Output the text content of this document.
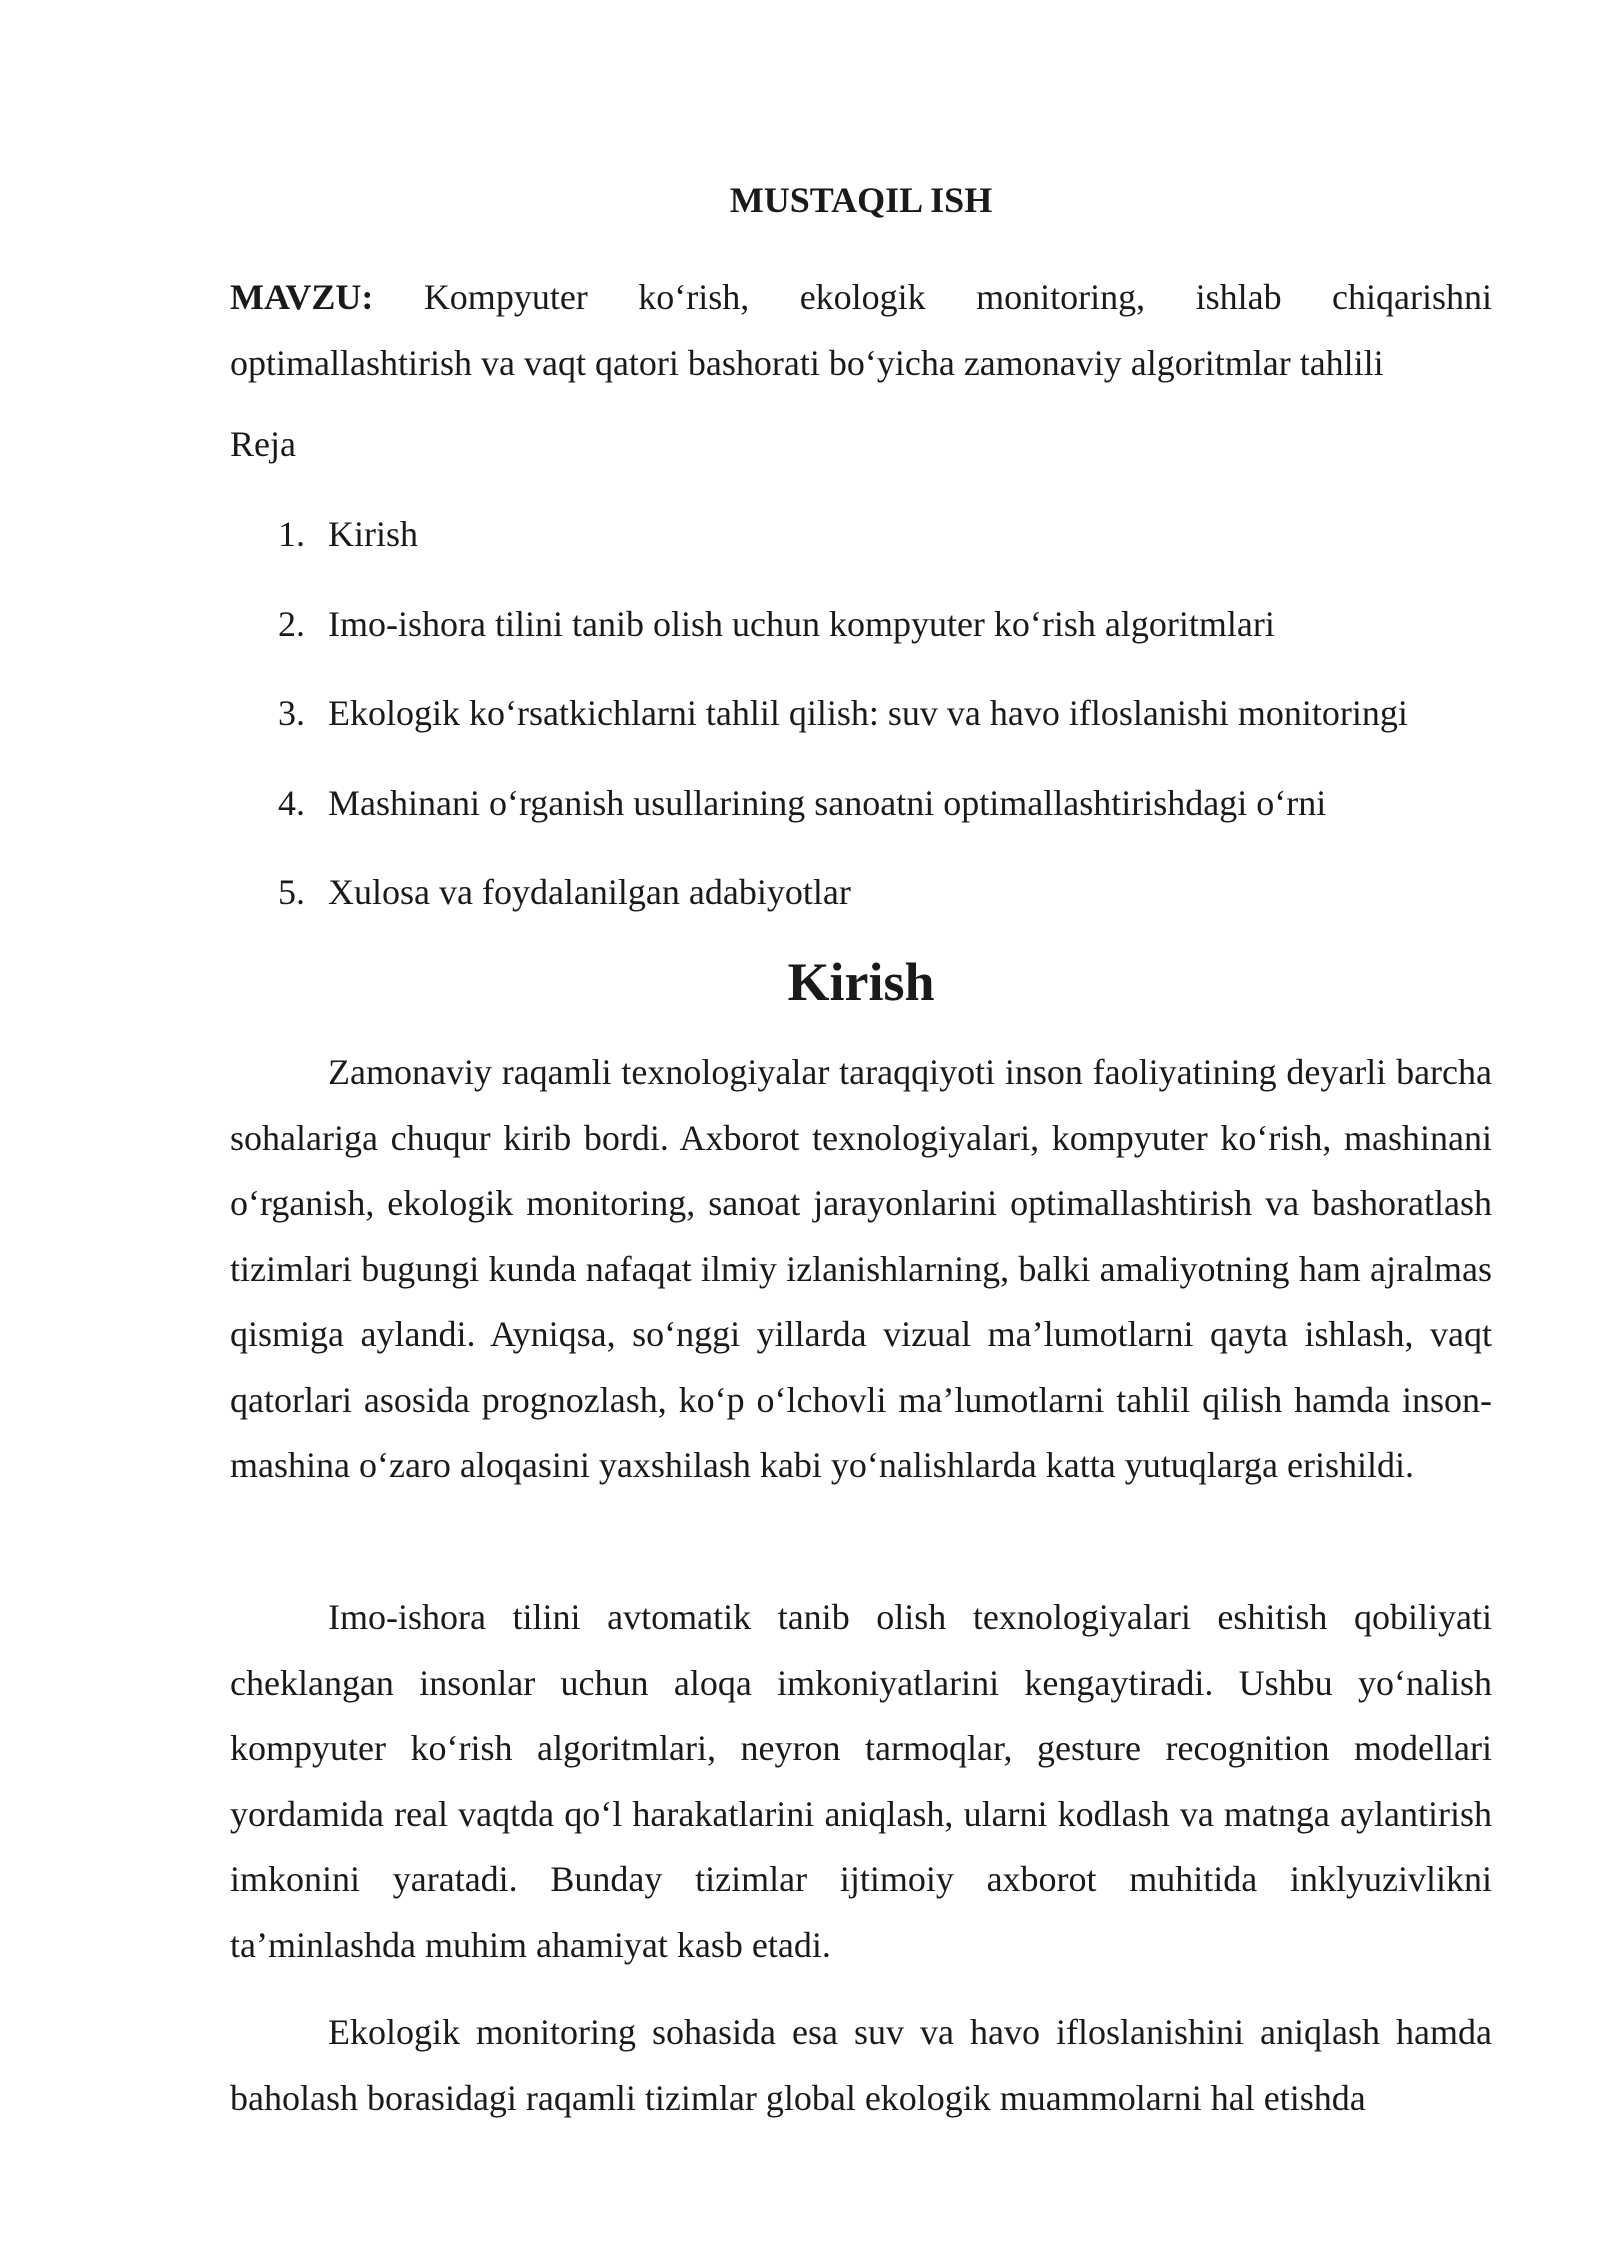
MUSTAQIL ISH

MAVZU: Kompyuter ko‘rish, ekologik monitoring, ishlab chiqarishni optimallashtirish va vaqt qatori bashorati bo‘yicha zamonaviy algoritmlar tahlili

Reja

1. Kirish
2. Imo-ishora tilini tanib olish uchun kompyuter ko‘rish algoritmlari
3. Ekologik ko‘rsatkichlarni tahlil qilish: suv va havo ifloslanishi monitoringi
4. Mashinani o‘rganish usullarining sanoatni optimallashtirishdagi o‘rni
5. Xulosa va foydalanilgan adabiyotlar
Kirish

Zamonaviy raqamli texnologiyalar taraqqiyoti inson faoliyatining deyarli barcha sohalariga chuqur kirib bordi. Axborot texnologiyalari, kompyuter ko‘rish, mashinani o‘rganish, ekologik monitoring, sanoat jarayonlarini optimallashtirish va bashoratlash tizimlari bugungi kunda nafaqat ilmiy izlanishlarning, balki amaliyotning ham ajralmas qismiga aylandi. Ayniqsa, so‘nggi yillarda vizual ma’lumotlarni qayta ishlash, vaqt qatorlari asosida prognozlash, ko‘p o‘lchovli ma’lumotlarni tahlil qilish hamda inson-mashina o‘zaro aloqasini yaxshilash kabi yo‘nalishlarda katta yutuqlarga erishildi.

Imo-ishora tilini avtomatik tanib olish texnologiyalari eshitish qobiliyati cheklangan insonlar uchun aloqa imkoniyatlarini kengaytiradi. Ushbu yo‘nalish kompyuter ko‘rish algoritmlari, neyron tarmoqlar, gesture recognition modellari yordamida real vaqtda qo‘l harakatlarini aniqlash, ularni kodlash va matnga aylantirish imkonini yaratadi. Bunday tizimlar ijtimoiy axborot muhitida inklyuzivlikni ta’minlashda muhim ahamiyat kasb etadi.

Ekologik monitoring sohasida esa suv va havo ifloslanishini aniqlash hamda baholash borasidagi raqamli tizimlar global ekologik muammolarni hal etishda
